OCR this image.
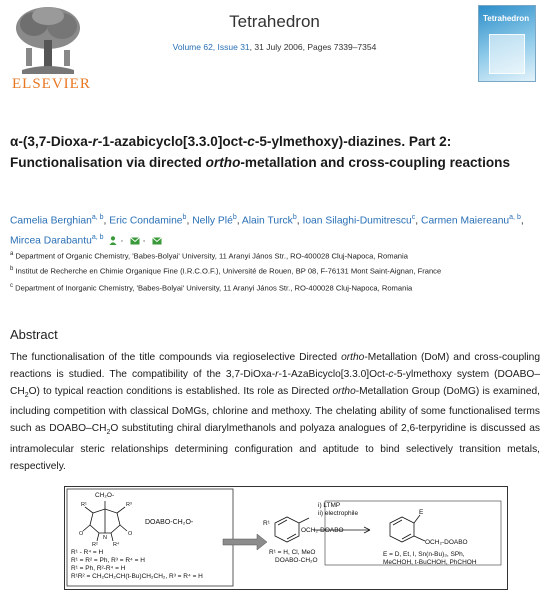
ELSEVIER
Tetrahedron
Volume 62, Issue 31, 31 July 2006, Pages 7339–7354
Tetrahedron
α-(3,7-Dioxa-r-1-azabicyclo[3.3.0]oct-c-5-ylmethoxy)-diazines. Part 2: Functionalisation via directed ortho-metallation and cross-coupling reactions
Camelia Berghian$^{a, b}$, Eric Condamine$^b$, Nelly Plé$^b$, Alain Turck$^b$, Ioan Silaghi-Dumitrescu$^c$, Carmen Maiereanu$^{a, b}$, Mircea Darabantu$^{a, b}$  ·  ·
$^a$ Department of Organic Chemistry, 'Babes-Bolyai' University, 11 Aranyi János Str., RO-400028 Cluj-Napoca, Romania
$^b$ Institut de Recherche en Chimie Organique Fine (I.R.C.O.F.), Université de Rouen, BP 08, F-76131 Mont Saint-Aignan, France
$^c$ Department of Inorganic Chemistry, 'Babes-Bolyai' University, 11 Aranyi János Str., RO-400028 Cluj-Napoca, Romania
Abstract
The functionalisation of the title compounds via regioselective Directed ortho-Metallation (DoM) and cross-coupling reactions is studied. The compatibility of the 3,7-DiOxa-r-1-AzaBicyclo[3.3.0]Oct-c-5-ylmethoxy system $(DOABO-CH_2O)$ to typical reaction conditions is established. Its role as Directed ortho-Metallation Group (DoMG) is examined, including competition with classical DoMGs, chlorine and methoxy. The chelating ability of some functionalised terms such as DOABO–$CH_2O$ substituting chiral diarylmethanols and polyaza analogues of 2,6-terpyridine is discussed as intramolecular steric relationships determining configuration and aptitude to bind selectively transition metals, respectively.
R¹	R³
O	O
R²	R⁴
N
CH₂O-
DOABO-CH₂O-
R¹ - R⁴ = H
R¹ = R² = Ph, R³ = R⁴ = H
R¹ = Ph, R²-R⁴ = H
R¹R² = CH₂CH₂CH(t-Bu)CH₂CH₂, R³ = R⁴ = H
i) LTMP
ii) electrophile
R¹
OCH₂-DOABO
R¹ = H, Cl, MeO
DOABO-CH₂O
E
OCH₂-DOABO
E = D, Et, I, Sn(n-Bu)₃, SPh,
MeCHOH, t-BuCHOH, PhCHOH
